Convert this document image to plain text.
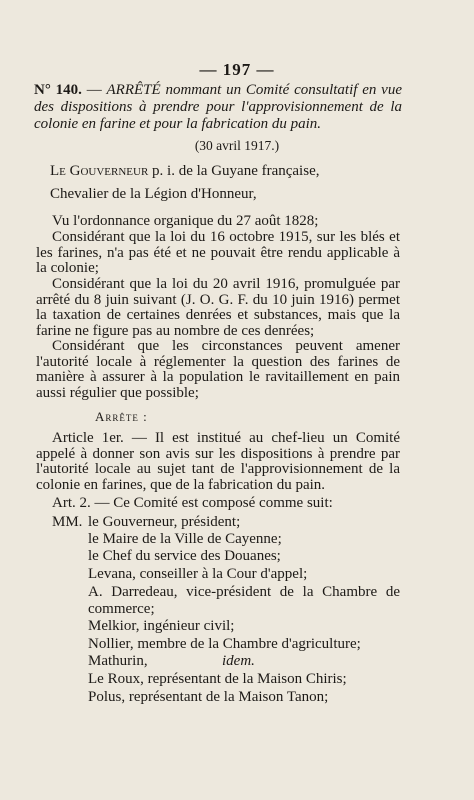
— 197 —
N° 140. — ARRÊTÉ nommant un Comité consultatif en vue des dispositions à prendre pour l'approvisionnement de la colonie en farine et pour la fabrication du pain.
(30 avril 1917.)
Le Gouverneur p. i. de la Guyane française,
Chevalier de la Légion d'Honneur,
Vu l'ordonnance organique du 27 août 1828;
Considérant que la loi du 16 octobre 1915, sur les blés et les farines, n'a pas été et ne pouvait être rendu applicable à la colonie;
Considérant que la loi du 20 avril 1916, promulguée par arrêté du 8 juin suivant (J. O. G. F. du 10 juin 1916) permet la taxation de certaines denrées et substances, mais que la farine ne figure pas au nombre de ces denrées;
Considérant que les circonstances peuvent amener l'autorité locale à réglementer la question des farines de manière à assurer à la population le ravitaillement en pain aussi régulier que possible;
Arrête :
Article 1er. — Il est institué au chef-lieu un Comité appelé à donner son avis sur les dispositions à prendre par l'autorité locale au sujet tant de l'approvisionnement de la colonie en farines, que de la fabrication du pain.
Art. 2. — Ce Comité est composé comme suit:
MM. le Gouverneur, président;
le Maire de la Ville de Cayenne;
le Chef du service des Douanes;
Levana, conseiller à la Cour d'appel;
A. Darredeau, vice-président de la Chambre de commerce;
Melkior, ingénieur civil;
Nollier, membre de la Chambre d'agriculture;
Mathurin,	idem.
Le Roux, représentant de la Maison Chiris;
Polus, représentant de la Maison Tanon;
